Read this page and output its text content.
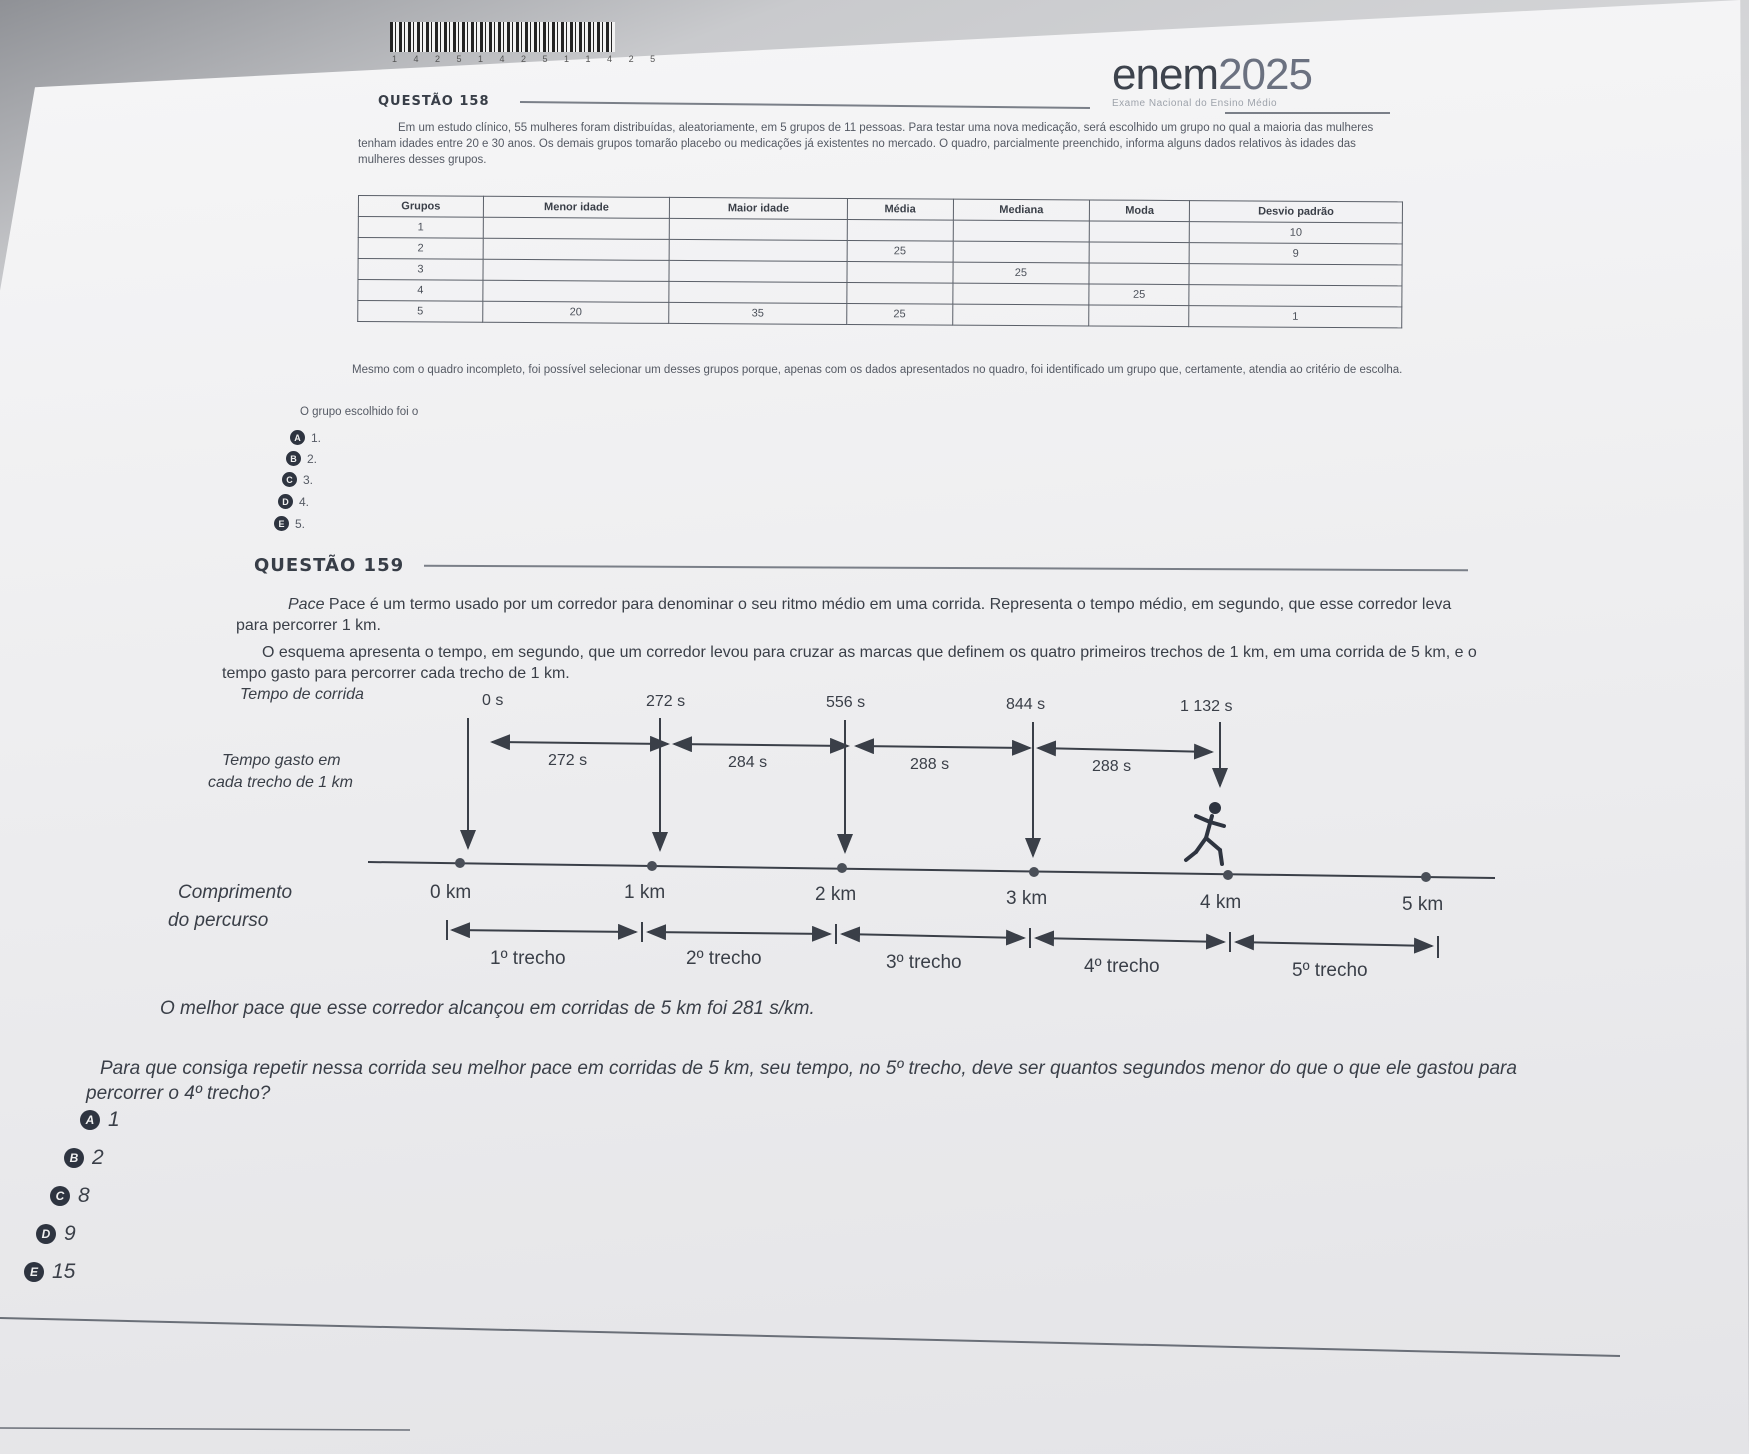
1 4 2 5 1 4 2 5 1 1 4 2 5	enem2025
Exame Nacional do Ensino Médio
QUESTÃO 158
Em um estudo clínico, 55 mulheres foram distribuídas, aleatoriamente, em 5 grupos de 11 pessoas. Para testar uma nova medicação, será escolhido um grupo no qual a maioria das mulheres tenham idades entre 20 e 30 anos. Os demais grupos tomarão placebo ou medicações já existentes no mercado. O quadro, parcialmente preenchido, informa alguns dados relativos às idades das mulheres desses grupos.
Grupos	Menor idade	Maior idade	Média	Mediana	Moda	Desvio padrão
1						10
2			25			9
3				25		
4					25	
5	20	35	25			1
Mesmo com o quadro incompleto, foi possível selecionar um desses grupos porque, apenas com os dados apresentados no quadro, foi identificado um grupo que, certamente, atendia ao critério de escolha.
O grupo escolhido foi o
A 1.
B 2.
C 3.
D 4.
E 5.
QUESTÃO 159
Pace Pace é um termo usado por um corredor para denominar o seu ritmo médio em uma corrida. Representa o tempo médio, em segundo, que esse corredor leva para percorrer 1 km.
O esquema apresenta o tempo, em segundo, que um corredor levou para cruzar as marcas que definem os quatro primeiros trechos de 1 km, em uma corrida de 5 km, e o tempo gasto para percorrer cada trecho de 1 km.
Tempo de corrida
Tempo gasto em
cada trecho de 1 km
Comprimento
do percurso
0 s	272 s	556 s	844 s	1 132 s
272 s	284 s	288 s	288 s
0 km	1 km	2 km	3 km	4 km	5 km
1º trecho	2º trecho	3º trecho	4º trecho	5º trecho
O melhor pace que esse corredor alcançou em corridas de 5 km foi 281 s/km.
Para que consiga repetir nessa corrida seu melhor pace em corridas de 5 km, seu tempo, no 5º trecho, deve ser quantos segundos menor do que o que ele gastou para percorrer o 4º trecho?
A 1
B 2
C 8
D 9
E 15
